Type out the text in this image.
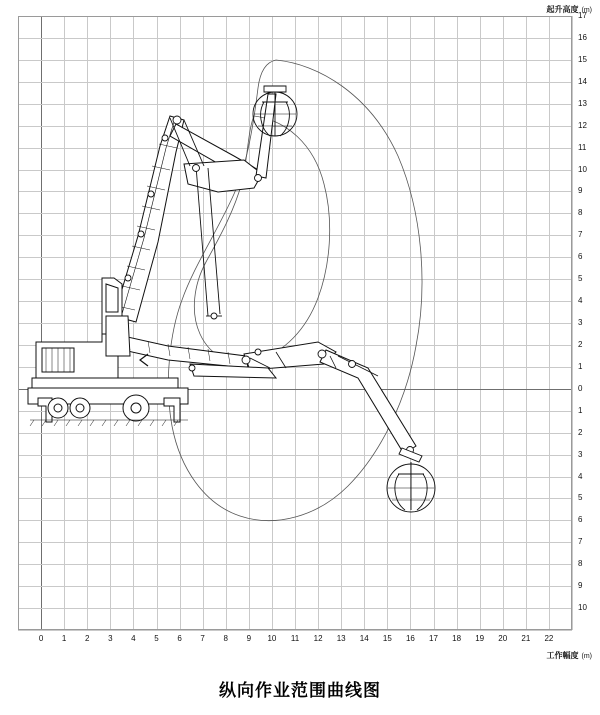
起升高度 (m)
工作幅度 (m)
纵向作业范围曲线图
0	1	2	3	4	5	6	7	8	9	10	11	12	13	14	15	16	17	18	19	20	21	22
1
2
3
4
5
6
7
8
9
10
11
12
13
14
15
16
17
0
1
2
3
4
5
6
7
8
9
10
